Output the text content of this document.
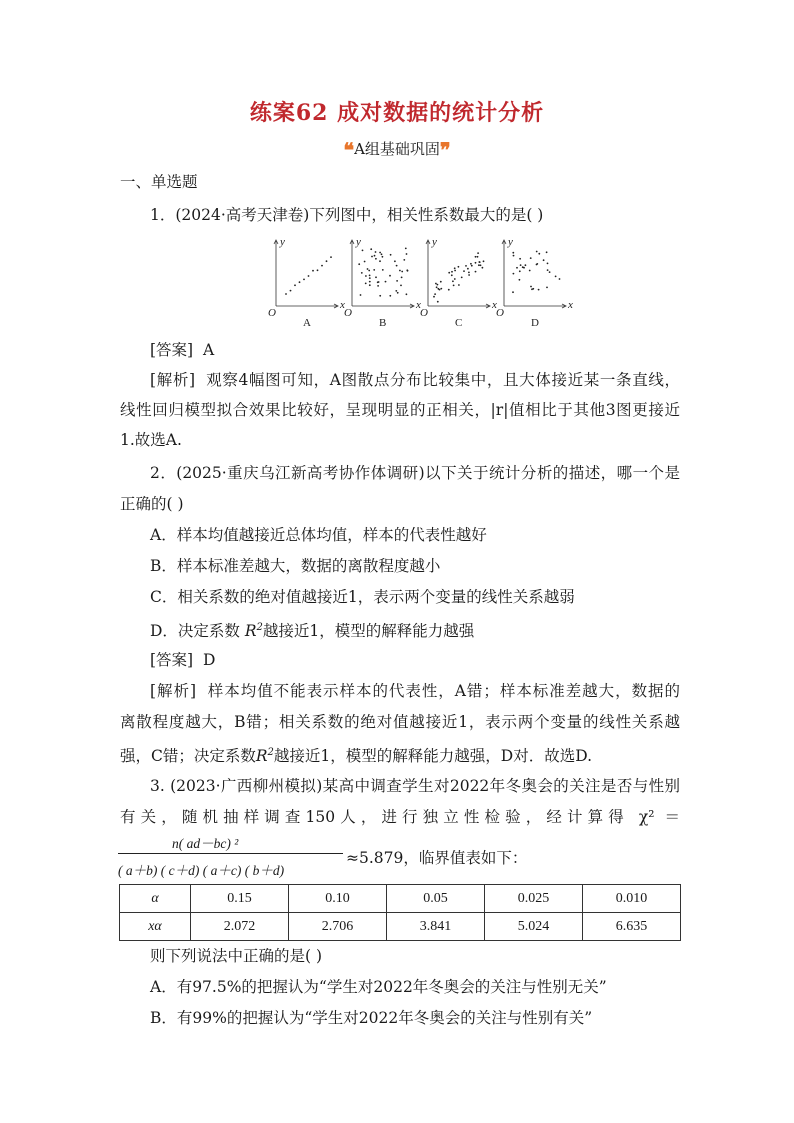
练案62 成对数据的统计分析
❝A组基础巩固❞
一、单选题
1．(2024·高考天津卷)下列图中，相关性系数最大的是( )
y
x
O
A
y
x
O
B
y
x
O
C
y
x
O
D
[答案] A
[解析] 观察4幅图可知，A图散点分布比较集中，且大体接近某一条直线，
线性回归模型拟合效果比较好，呈现明显的正相关，|r|值相比于其他3图更接近
1.故选A.
2．(2025·重庆乌江新高考协作体调研)以下关于统计分析的描述，哪一个是
正确的( )
A．样本均值越接近总体均值，样本的代表性越好
B．样本标准差越大，数据的离散程度越小
C．相关系数的绝对值越接近1，表示两个变量的线性关系越弱
D．决定系数 $R^2$越接近1，模型的解释能力越强
[答案] D
[解析] 样本均值不能表示样本的代表性，A错；样本标准差越大，数据的
离散程度越大，B错；相关系数的绝对值越接近1，表示两个变量的线性关系越
强，C错；决定系数$R^2$越接近1，模型的解释能力越强，D对．故选D.
3. (2023·广西柳州模拟)某高中调查学生对2022年冬奥会的关注是否与性别
有关，随机抽样调查150人，进行独立性检验，经计算得 χ² ＝
n( ad－bc) ²
( a＋b) ( c＋d) ( a＋c) ( b＋d)
≈5.879，临界值表如下：
α	0.15	0.10	0.05	0.025	0.010
xα	2.072	2.706	3.841	5.024	6.635
则下列说法中正确的是( )
A．有97.5%的把握认为“学生对2022年冬奥会的关注与性别无关”
B．有99%的把握认为“学生对2022年冬奥会的关注与性别有关”
